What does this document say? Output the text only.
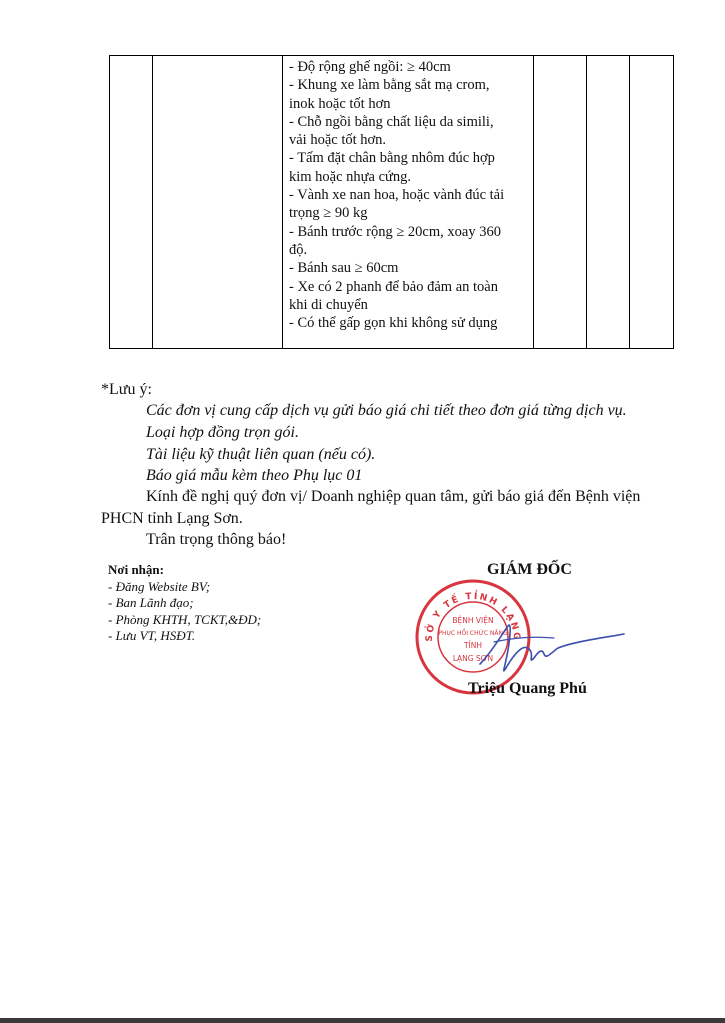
- Độ rộng ghế ngồi: ≥ 40cm
- Khung xe làm bằng sắt mạ crom,
inok hoặc tốt hơn
- Chỗ ngồi bằng chất liệu da simili,
vải hoặc tốt hơn.
- Tấm đặt chân bằng nhôm đúc hợp
kim hoặc nhựa cứng.
- Vành xe nan hoa, hoặc vành đúc tải
trọng ≥ 90 kg
- Bánh trước rộng ≥ 20cm, xoay 360
độ.
- Bánh sau ≥ 60cm
- Xe có 2 phanh để bảo đảm an toàn
khi di chuyển
- Có thể gấp gọn khi không sử dụng

*Lưu ý:
Các đơn vị cung cấp dịch vụ gửi báo giá chi tiết theo đơn giá từng dịch vụ.
Loại hợp đồng trọn gói.
Tài liệu kỹ thuật liên quan (nếu có).
Báo giá mẫu kèm theo Phụ lục 01
Kính đề nghị quý đơn vị/ Doanh nghiệp quan tâm, gửi báo giá đến Bệnh viện
PHCN tỉnh Lạng Sơn.
Trân trọng thông báo!
Nơi nhận:
- Đăng Website BV;
- Ban Lãnh đạo;
- Phòng KHTH, TCKT,&ĐD;
- Lưu VT, HSĐT.
GIÁM ĐỐC
SỞ Y TẾ TỈNH LẠNG
BỆNH VIỆN
PHỤC HỒI CHỨC NĂNG
TỈNH
LẠNG SƠN
Triệu Quang Phú
